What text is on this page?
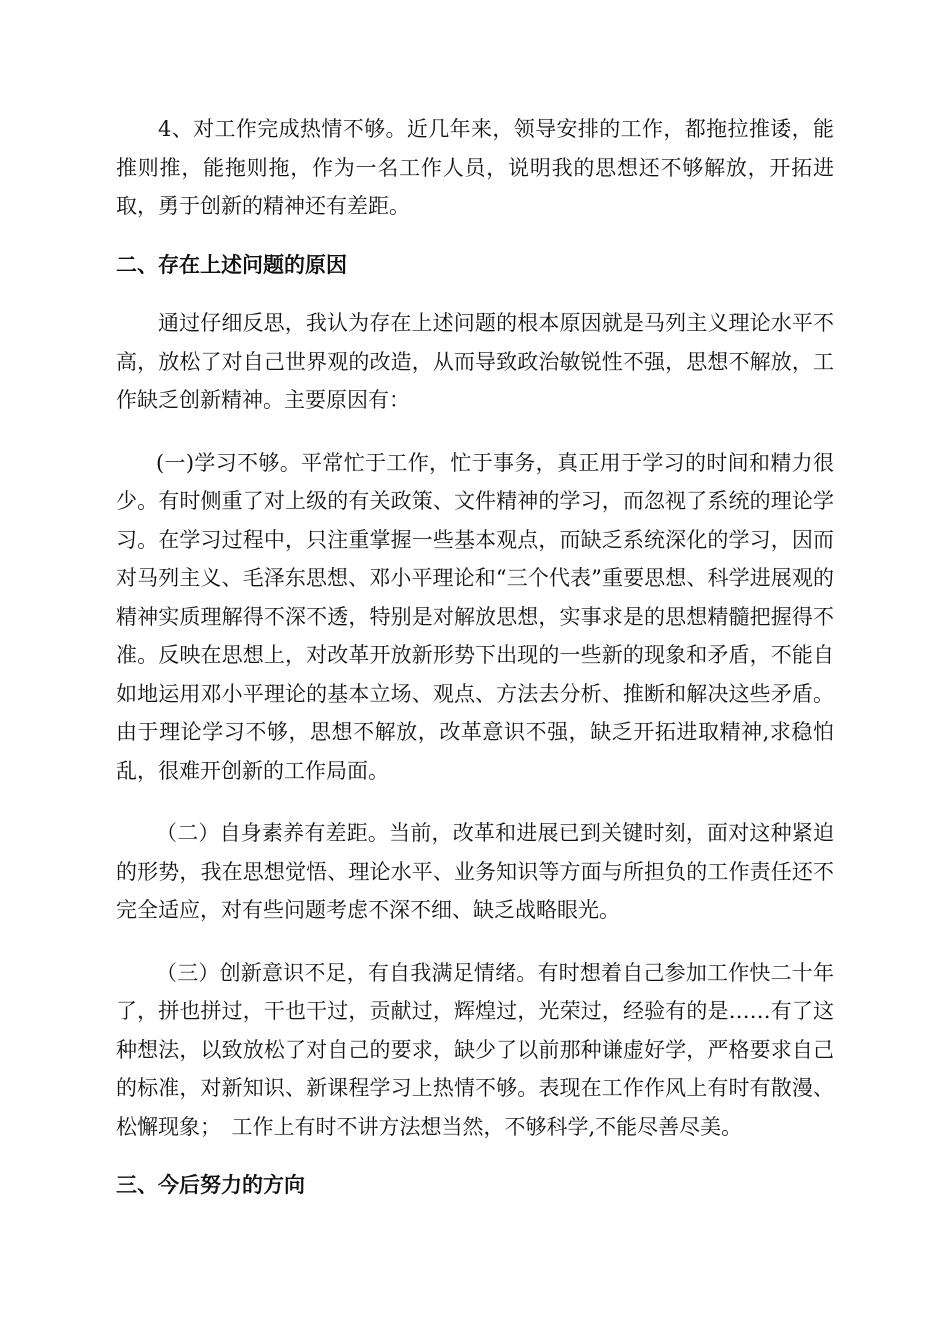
4、对工作完成热情不够。近几年来，领导安排的工作，都拖拉推诿，能推则推，能拖则拖，作为一名工作人员，说明我的思想还不够解放，开拓进取，勇于创新的精神还有差距。

二、存在上述问题的原因

通过仔细反思，我认为存在上述问题的根本原因就是马列主义理论水平不高，放松了对自己世界观的改造，从而导致政治敏锐性不强，思想不解放，工作缺乏创新精神。主要原因有：

(一)学习不够。平常忙于工作，忙于事务，真正用于学习的时间和精力很少。有时侧重了对上级的有关政策、文件精神的学习，而忽视了系统的理论学习。在学习过程中，只注重掌握一些基本观点，而缺乏系统深化的学习，因而对马列主义、毛泽东思想、邓小平理论和“三个代表”重要思想、科学进展观的精神实质理解得不深不透，特别是对解放思想，实事求是的思想精髓把握得不准。反映在思想上，对改革开放新形势下出现的一些新的现象和矛盾，不能自如地运用邓小平理论的基本立场、观点、方法去分析、推断和解决这些矛盾。由于理论学习不够，思想不解放，改革意识不强，缺乏开拓进取精神,求稳怕乱，很难开创新的工作局面。

（二）自身素养有差距。当前，改革和进展已到关键时刻，面对这种紧迫的形势，我在思想觉悟、理论水平、业务知识等方面与所担负的工作责任还不完全适应，对有些问题考虑不深不细、缺乏战略眼光。

（三）创新意识不足，有自我满足情绪。有时想着自己参加工作快二十年了，拼也拼过，干也干过，贡献过，辉煌过，光荣过，经验有的是……有了这种想法，以致放松了对自己的要求，缺少了以前那种谦虚好学，严格要求自己的标准，对新知识、新课程学习上热情不够。表现在工作作风上有时有散漫、松懈现象；　工作上有时不讲方法想当然，不够科学,不能尽善尽美。

三、今后努力的方向
